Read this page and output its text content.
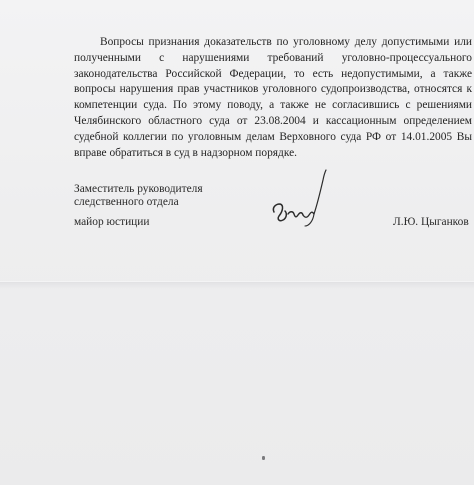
Вопросы признания доказательств по уголовному делу допустимыми или полученными с нарушениями требований уголовно-процессуального законодательства Российской Федерации, то есть недопустимыми, а также вопросы нарушения прав участников уголовного судопроизводства, относятся к компетенции суда. По этому поводу, а также не согласившись с решениями Челябинского областного суда от 23.08.2004 и кассационным определением судебной коллегии по уголовным делам Верховного суда РФ от 14.01.2005 Вы вправе обратиться в суд в надзорном порядке.

Заместитель руководителя
следственного отдела
майор юстиции	Л.Ю. Цыганков
